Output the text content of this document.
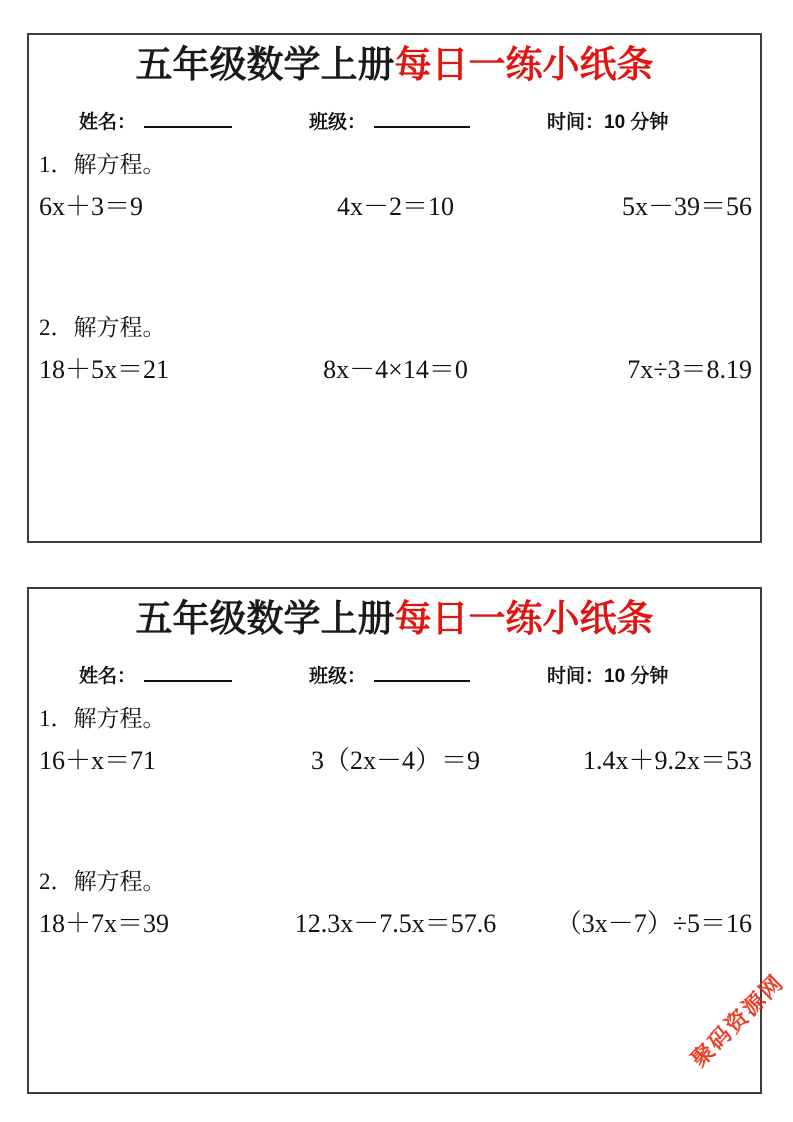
五年级数学上册每日一练小纸条
姓名：	班级：	时间：10 分钟
1．解方程。
6x＋3＝9	4x－2＝10	5x－39＝56
2．解方程。
18＋5x＝21	8x－4×14＝0	7x÷3＝8.19
五年级数学上册每日一练小纸条
姓名：	班级：	时间：10 分钟
1．解方程。
16＋x＝71	3（2x－4）＝9	1.4x＋9.2x＝53
2．解方程。
18＋7x＝39	12.3x－7.5x＝57.6 （3x－7）÷5＝16
聚码资源网
